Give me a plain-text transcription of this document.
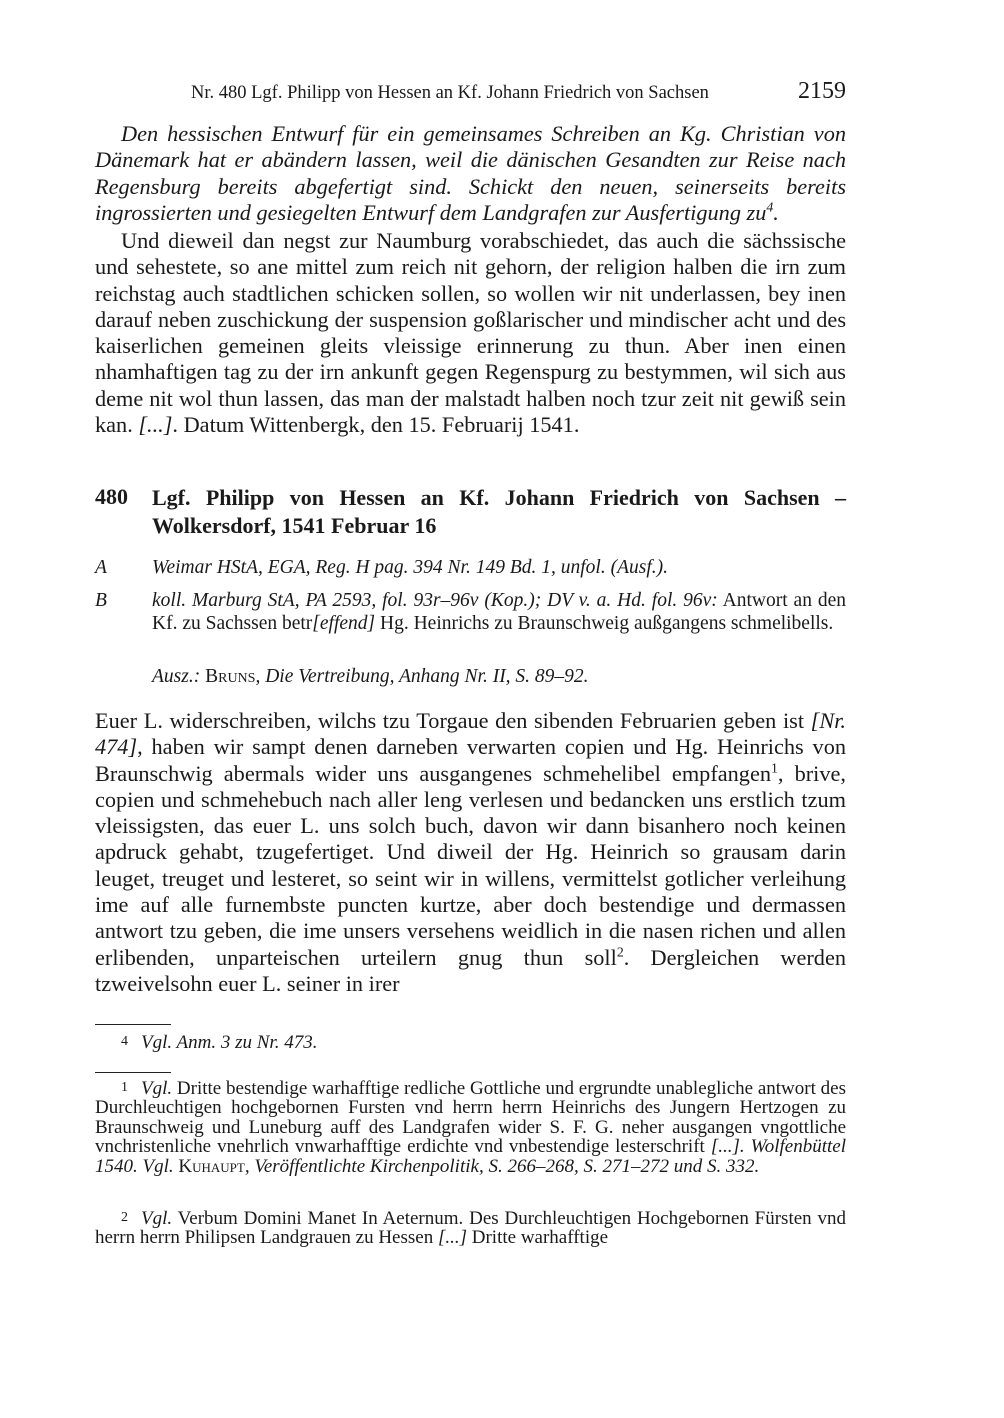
Nr. 480 Lgf. Philipp von Hessen an Kf. Johann Friedrich von Sachsen	2159

Den hessischen Entwurf für ein gemeinsames Schreiben an Kg. Christian von Dänemark hat er abändern lassen, weil die dänischen Gesandten zur Reise nach Regensburg bereits abgefertigt sind. Schickt den neuen, seinerseits bereits ingrossierten und gesiegelten Entwurf dem Landgrafen zur Ausfertigung $zu^4$.

Und dieweil dan negst zur Naumburg vorabschiedet, das auch die sächssische und sehestete, so ane mittel zum reich nit gehorn, der religion halben die irn zum reichstag auch stadtlichen schicken sollen, so wollen wir nit underlassen, bey inen darauf neben zuschickung der suspension goßlarischer und mindischer acht und des kaiserlichen gemeinen gleits vleissige erinnerung zu thun. Aber inen einen nhamhaftigen tag zu der irn ankunft gegen Regenspurg zu bestymmen, wil sich aus deme nit wol thun lassen, das man der malstadt halben noch tzur zeit nit gewiß sein kan. [...]. Datum Wittenbergk, den 15. Februarij 1541.

480 Lgf. Philipp von Hessen an Kf. Johann Friedrich von Sachsen – Wolkersdorf, 1541 Februar 16
A Weimar HStA, EGA, Reg. H pag. 394 Nr. 149 Bd. 1, unfol. (Ausf.).
B koll. Marburg StA, PA 2593, fol. 93r–96v (Kop.); DV v. a. Hd. fol. 96v: Antwort an den Kf. zu Sachssen betr[effend] Hg. Heinrichs zu Braunschweig außgangens schmelibells.
Ausz.: Bruns, Die Vertreibung, Anhang Nr. II, S. 89–92.

Euer L. widerschreiben, wilchs tzu Torgaue den sibenden Februarien geben ist [Nr. 474], haben wir sampt denen darneben verwarten copien und Hg. Heinrichs von Braunschwig abermals wider uns ausgangenes schmehelibel empfangen$^1$, brive, copien und schmehebuch nach aller leng verlesen und bedancken uns erstlich tzum vleissigsten, das euer L. uns solch buch, davon wir dann bisanhero noch keinen apdruck gehabt, tzugefertiget. Und diweil der Hg. Heinrich so grausam darin leuget, treuget und lesteret, so seint wir in willens, vermittelst gotlicher verleihung ime auf alle furnembste puncten kurtze, aber doch bestendige und dermassen antwort tzu geben, die ime unsers versehens weidlich in die nasen richen und allen erlibenden, unparteischen urteilern gnug thun soll$^2$. Dergleichen werden tzweivelsohn euer L. seiner in irer

4 Vgl. Anm. 3 zu Nr. 473.
1 Vgl. Dritte bestendige warhafftige redliche Gottliche und ergrundte unablegliche antwort des Durchleuchtigen hochgebornen Fursten vnd herrn herrn Heinrichs des Jungern Hertzogen zu Braunschweig und Luneburg auff des Landgrafen wider S. F. G. neher ausgangen vngottliche vnchristenliche vnehrlich vnwarhafftige erdichte vnd vnbestendige lesterschrift [...]. Wolfenbüttel 1540. Vgl. Kuhaupt, Veröffentlichte Kirchenpolitik, S. 266–268, S. 271–272 und S. 332.
2 Vgl. Verbum Domini Manet In Aeternum. Des Durchleuchtigen Hochgebornen Fürsten vnd herrn herrn Philipsen Landgrauen zu Hessen [...] Dritte warhafftige
